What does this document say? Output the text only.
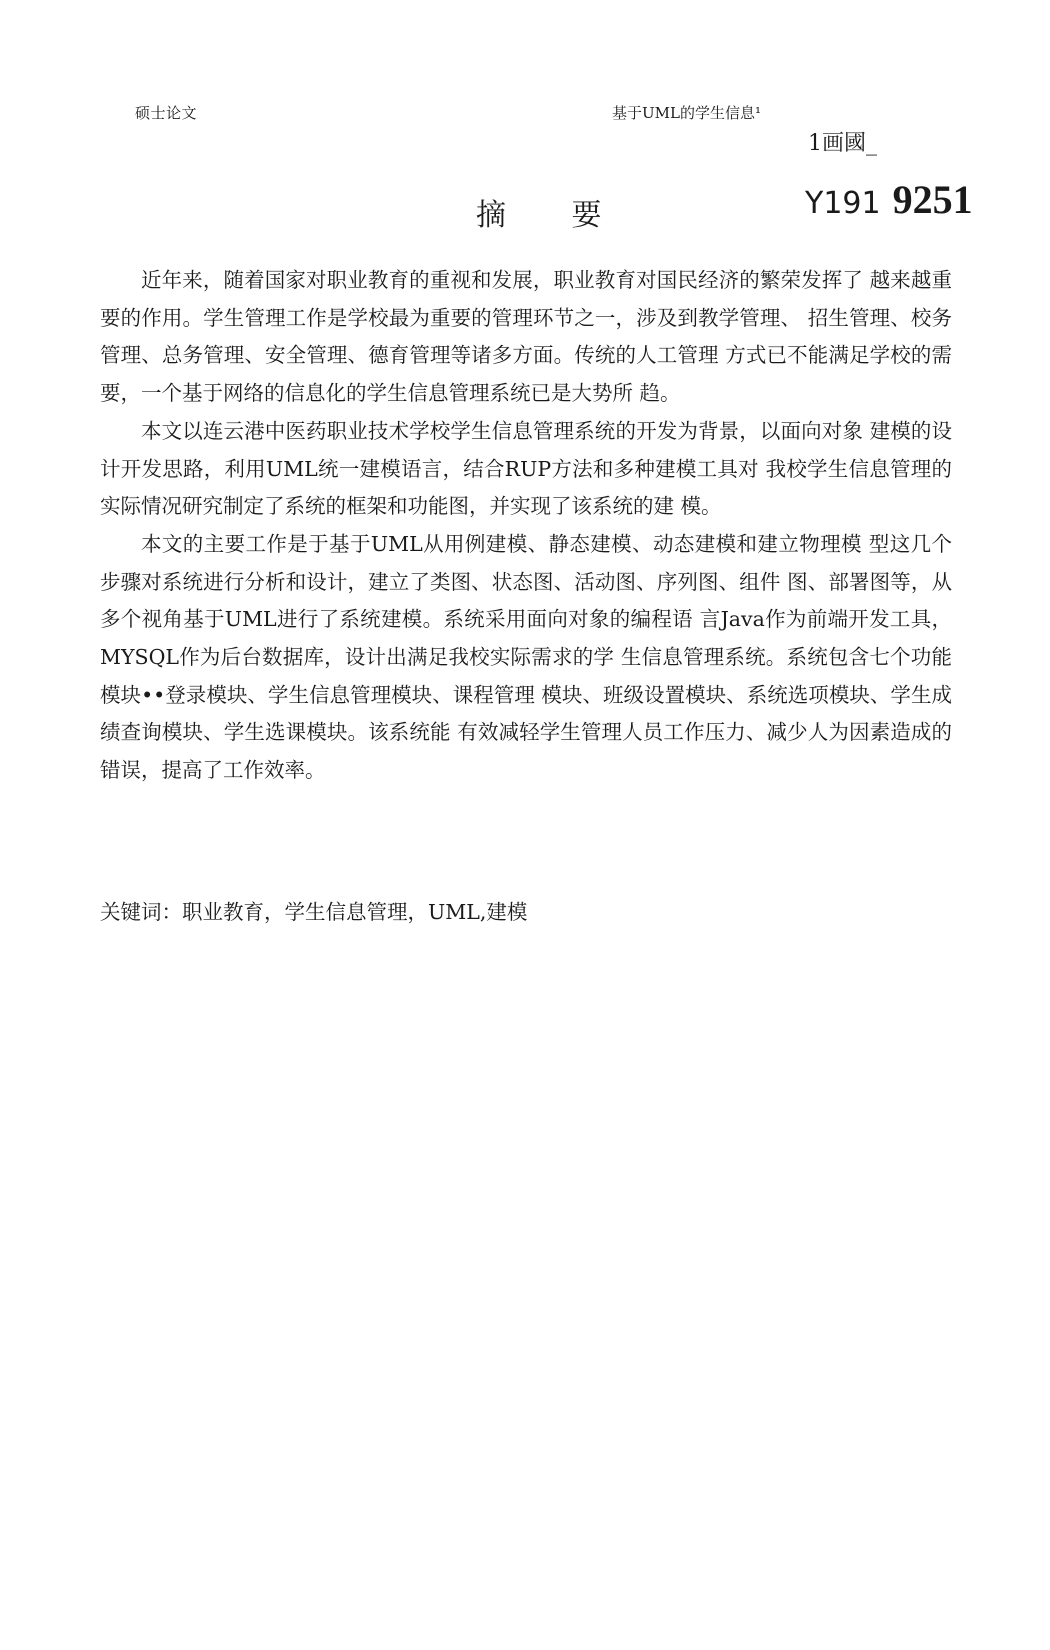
硕士论文	基于UML的学生信息¹
1画國_
Y191 9251
摘 要

近年来，随着国家对职业教育的重视和发展，职业教育对国民经济的繁荣发挥了 越来越重要的作用。学生管理工作是学校最为重要的管理环节之一，涉及到教学管理、 招生管理、校务管理、总务管理、安全管理、德育管理等诸多方面。传统的人工管理 方式已不能满足学校的需要，一个基于网络的信息化的学生信息管理系统已是大势所 趋。

本文以连云港中医药职业技术学校学生信息管理系统的开发为背景，以面向对象 建模的设计开发思路，利用UML统一建模语言，结合RUP方法和多种建模工具对 我校学生信息管理的实际情况研究制定了系统的框架和功能图，并实现了该系统的建 模。

本文的主要工作是于基于UML从用例建模、静态建模、动态建模和建立物理模 型这几个步骤对系统进行分析和设计，建立了类图、状态图、活动图、序列图、组件 图、部署图等，从多个视角基于UML进行了系统建模。系统采用面向对象的编程语 言Java作为前端开发工具，MYSQL作为后台数据库，设计出满足我校实际需求的学 生信息管理系统。系统包含七个功能模块••登录模块、学生信息管理模块、课程管理 模块、班级设置模块、系统选项模块、学生成绩查询模块、学生选课模块。该系统能 有效减轻学生管理人员工作压力、减少人为因素造成的错误，提高了工作效率。

关键词：职业教育，学生信息管理，UML,建模
